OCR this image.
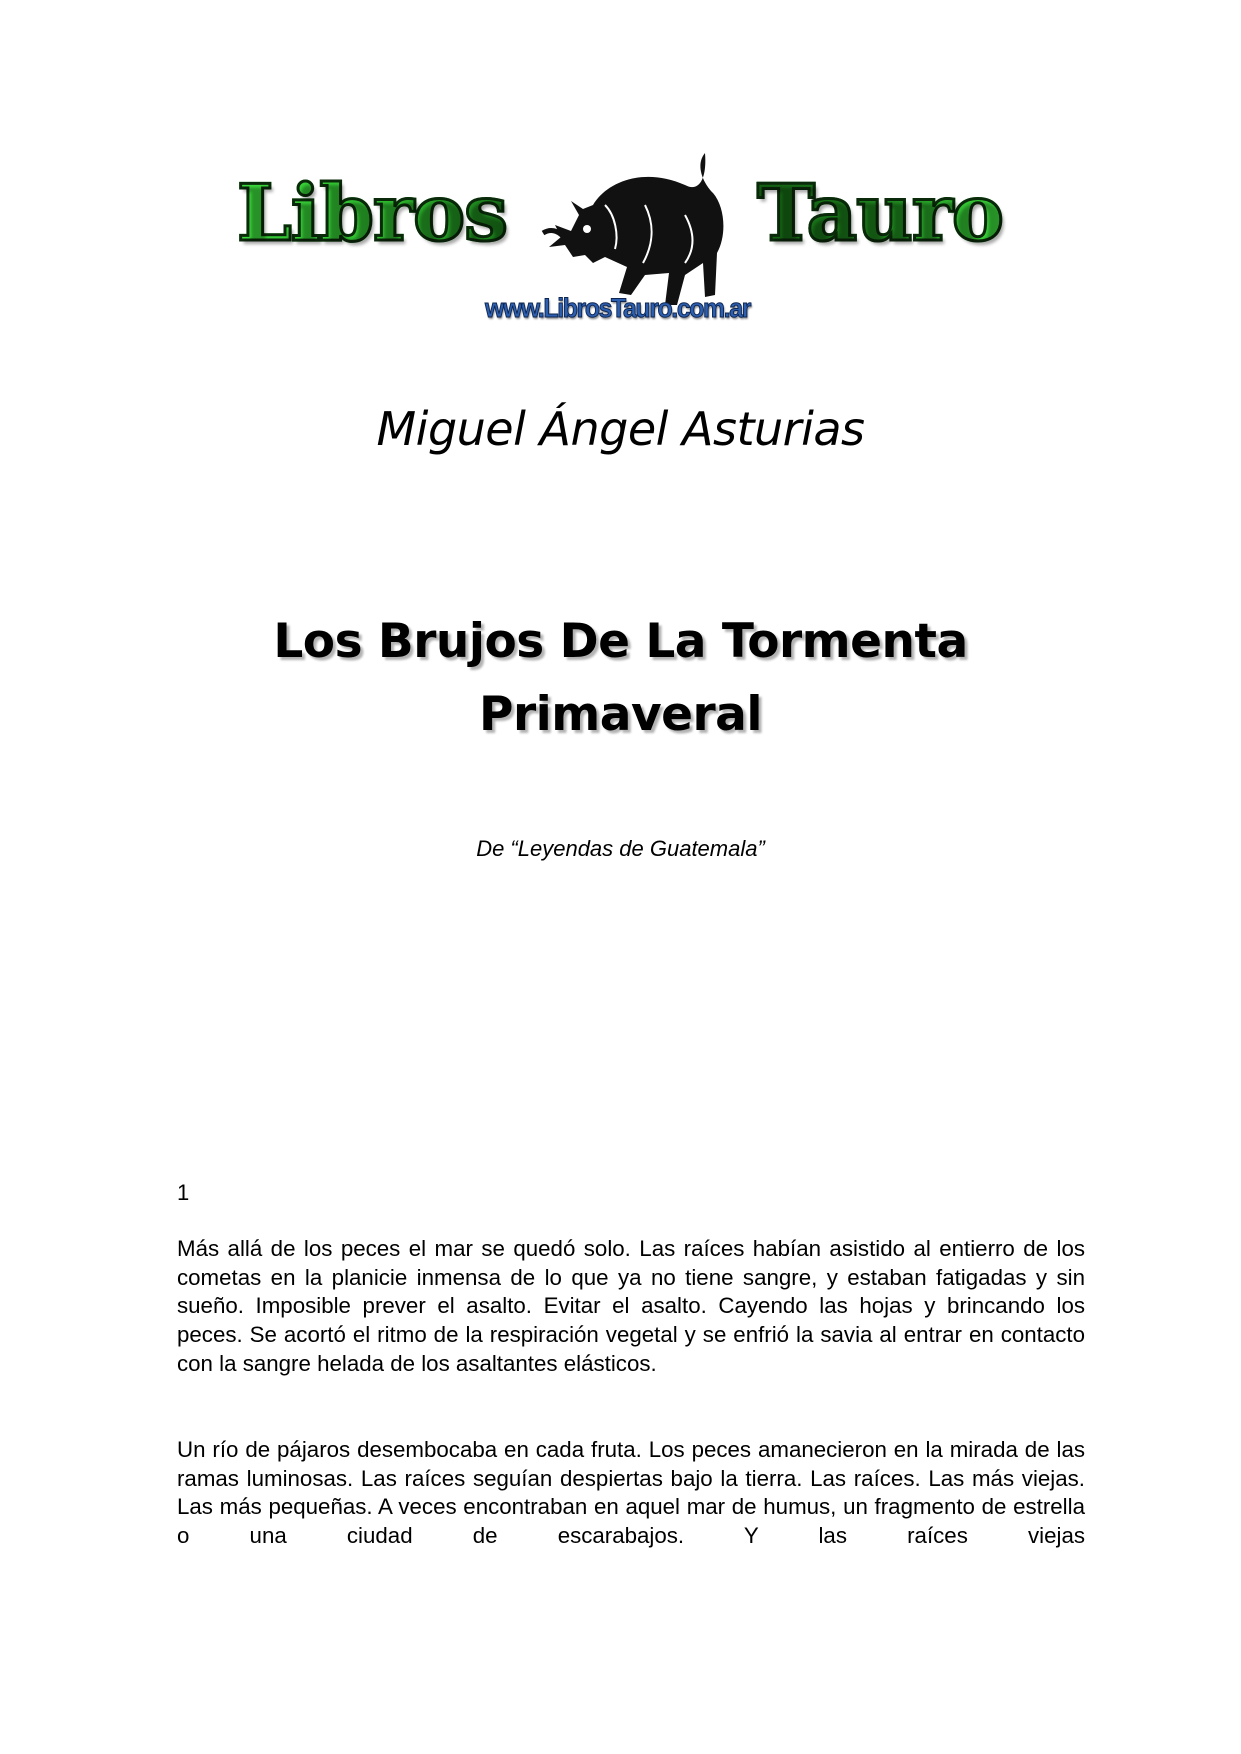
Libros	Tauro
www.LibrosTauro.com.ar
Miguel Ángel Asturias
Los Brujos De La Tormenta
Primaveral
De “Leyendas de Guatemala”
1

Más allá de los peces el mar se quedó solo. Las raíces habían asistido al entierro de los cometas en la planicie inmensa de lo que ya no tiene sangre, y estaban fatigadas y sin sueño. Imposible prever el asalto. Evitar el asalto. Cayendo las hojas y brincando los peces. Se acortó el ritmo de la respiración vegetal y se enfrió la savia al entrar en contacto con la sangre helada de los asaltantes elásticos.

Un río de pájaros desembocaba en cada fruta. Los peces amanecieron en la mirada de las ramas luminosas. Las raíces seguían despiertas bajo la tierra. Las raíces. Las más viejas. Las más pequeñas. A veces encontraban en aquel mar de humus, un fragmento de estrella o una ciudad de escarabajos. Y las raíces viejas
